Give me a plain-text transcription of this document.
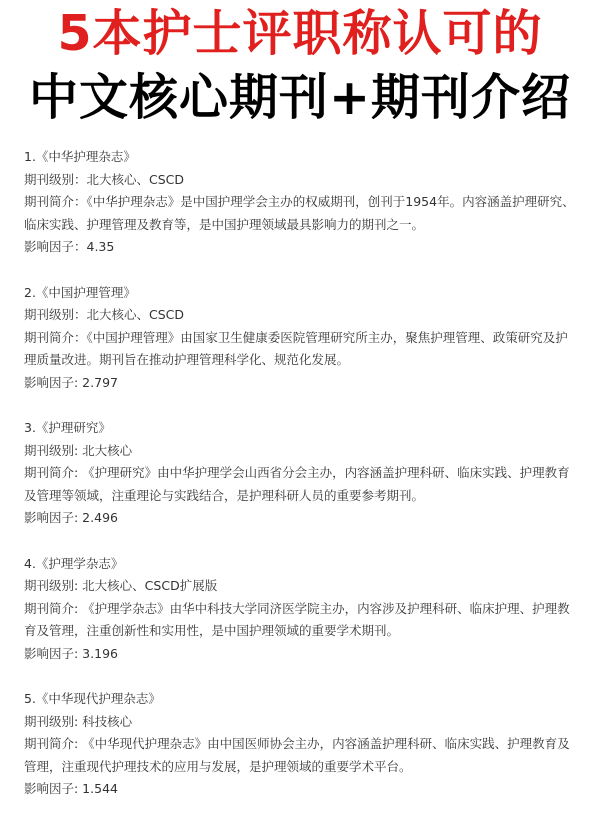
5本护士评职称认可的
中文核心期刊+期刊介绍
1.《中华护理杂志》
期刊级别：北大核心、CSCD
期刊简介：《中华护理杂志》是中国护理学会主办的权威期刊，创刊于1954年。内容涵盖护理研究、临床实践、护理管理及教育等，是中国护理领域最具影响力的期刊之一。
影响因子：4.35
2.《中国护理管理》
期刊级别：北大核心、CSCD
期刊简介：《中国护理管理》由国家卫生健康委医院管理研究所主办，聚焦护理管理、政策研究及护理质量改进。期刊旨在推动护理管理科学化、规范化发展。
影响因子: 2.797
3.《护理研究》
期刊级别: 北大核心
期刊简介: 《护理研究》由中华护理学会山西省分会主办，内容涵盖护理科研、临床实践、护理教育及管理等领域，注重理论与实践结合，是护理科研人员的重要参考期刊。
影响因子: 2.496
4.《护理学杂志》
期刊级别: 北大核心、CSCD扩展版
期刊简介: 《护理学杂志》由华中科技大学同济医学院主办，内容涉及护理科研、临床护理、护理教育及管理，注重创新性和实用性，是中国护理领域的重要学术期刊。
影响因子: 3.196
5.《中华现代护理杂志》
期刊级别: 科技核心
期刊简介: 《中华现代护理杂志》由中国医师协会主办，内容涵盖护理科研、临床实践、护理教育及管理，注重现代护理技术的应用与发展，是护理领域的重要学术平台。
影响因子: 1.544
